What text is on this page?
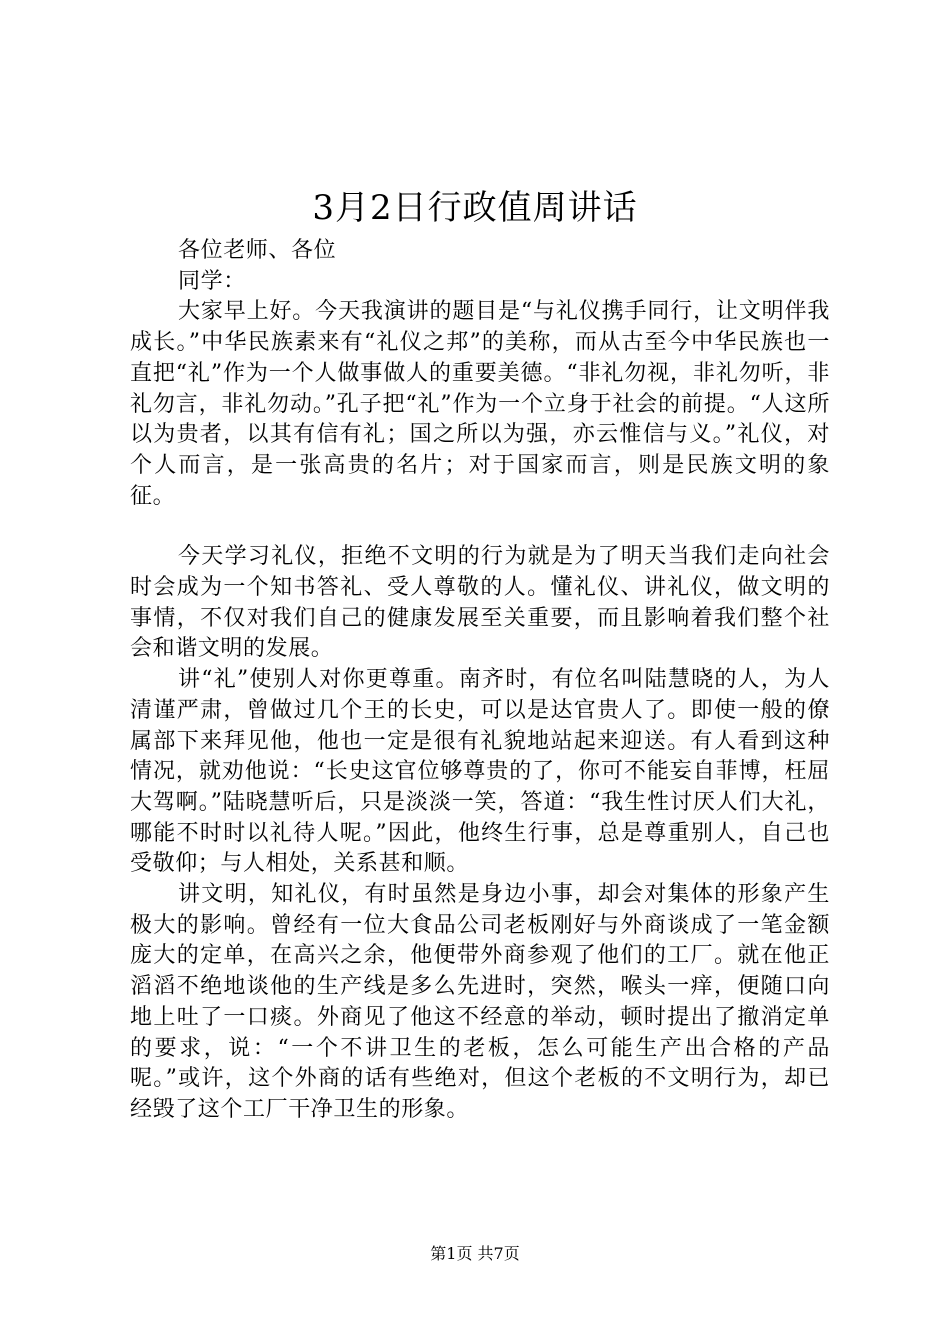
3月2日行政值周讲话

各位老师、各位

同学：

大家早上好。今天我演讲的题目是“与礼仪携手同行，让文明伴我成长。”中华民族素来有“礼仪之邦”的美称，而从古至今中华民族也一直把“礼”作为一个人做事做人的重要美德。“非礼勿视，非礼勿听，非礼勿言，非礼勿动。”孔子把“礼”作为一个立身于社会的前提。“人这所以为贵者，以其有信有礼；国之所以为强，亦云惟信与义。”礼仪，对个人而言，是一张高贵的名片；对于国家而言，则是民族文明的象征。

今天学习礼仪，拒绝不文明的行为就是为了明天当我们走向社会时会成为一个知书答礼、受人尊敬的人。懂礼仪、讲礼仪，做文明的事情，不仅对我们自己的健康发展至关重要，而且影响着我们整个社会和谐文明的发展。

讲“礼”使别人对你更尊重。南齐时，有位名叫陆慧晓的人，为人清谨严肃，曾做过几个王的长史，可以是达官贵人了。即使一般的僚属部下来拜见他，他也一定是很有礼貌地站起来迎送。有人看到这种情况，就劝他说：“长史这官位够尊贵的了，你可不能妄自菲博，枉屈大驾啊。”陆晓慧听后，只是淡淡一笑，答道：“我生性讨厌人们大礼，哪能不时时以礼待人呢。”因此，他终生行事，总是尊重别人，自己也受敬仰；与人相处，关系甚和顺。

讲文明，知礼仪，有时虽然是身边小事，却会对集体的形象产生极大的影响。曾经有一位大食品公司老板刚好与外商谈成了一笔金额庞大的定单，在高兴之余，他便带外商参观了他们的工厂。就在他正滔滔不绝地谈他的生产线是多么先进时，突然，喉头一痒，便随口向地上吐了一口痰。外商见了他这不经意的举动，顿时提出了撤消定单的要求，说：“一个不讲卫生的老板，怎么可能生产出合格的产品呢。”或许，这个外商的话有些绝对，但这个老板的不文明行为，却已经毁了这个工厂干净卫生的形象。

第1页 共7页
